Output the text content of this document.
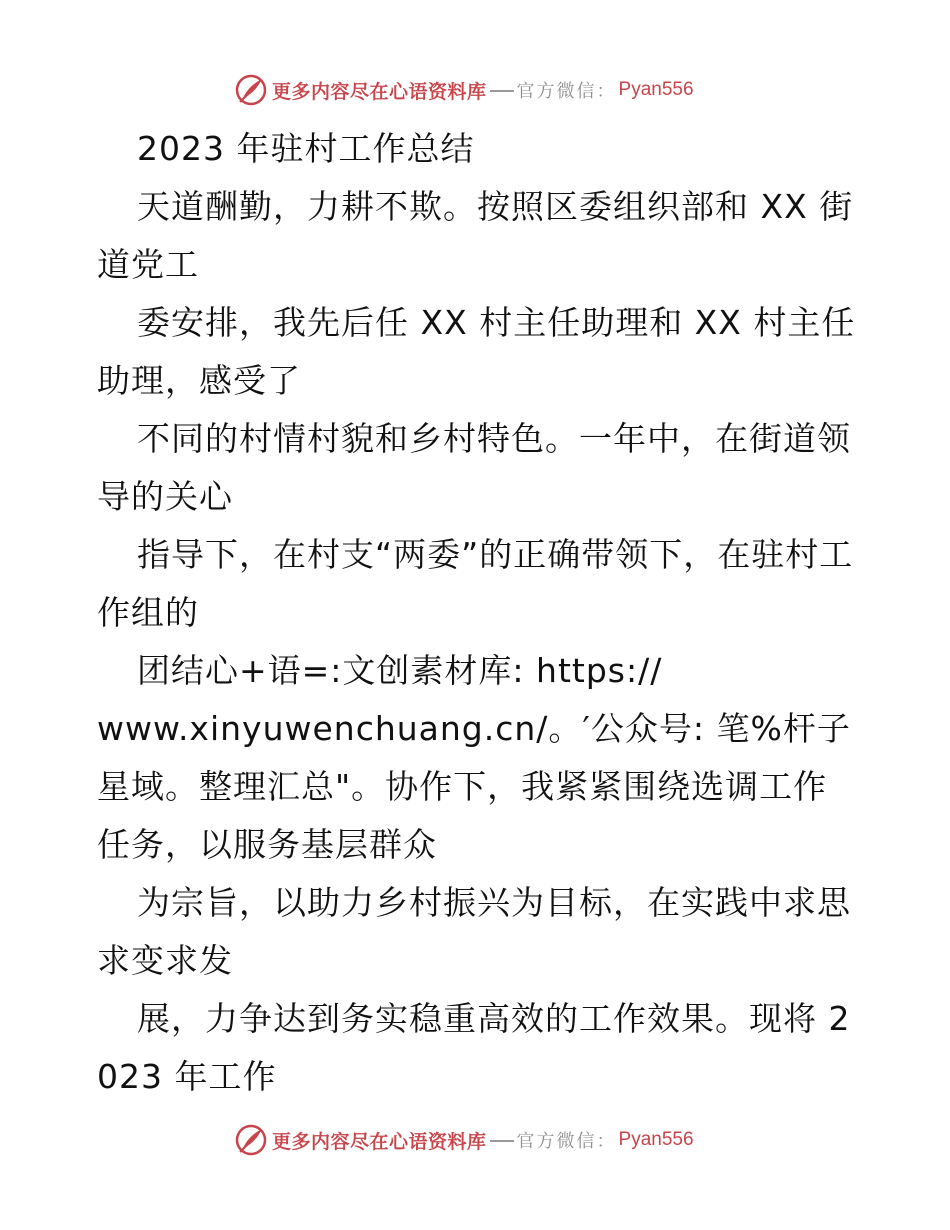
更多内容尽在心语资料库 官方微信： Pyan556

2023 年驻村工作总结

天道酬勤，力耕不欺。按照区委组织部和 XX 街道党工

委安排，我先后任 XX 村主任助理和 XX 村主任助理，感受了

不同的村情村貌和乡村特色。一年中，在街道领导的关心

指导下，在村支“两委”的正确带领下，在驻村工作组的

团结心+语=:文创素材库: https://

www.xinyuwenchuang.cn/。′公众号: 笔%杆子星域。整理汇总"。协作下，我紧紧围绕选调工作任务，以服务基层群众

为宗旨，以助力乡村振兴为目标，在实践中求思求变求发

展，力争达到务实稳重高效的工作效果。现将 2023 年工作

更多内容尽在心语资料库 官方微信： Pyan556
